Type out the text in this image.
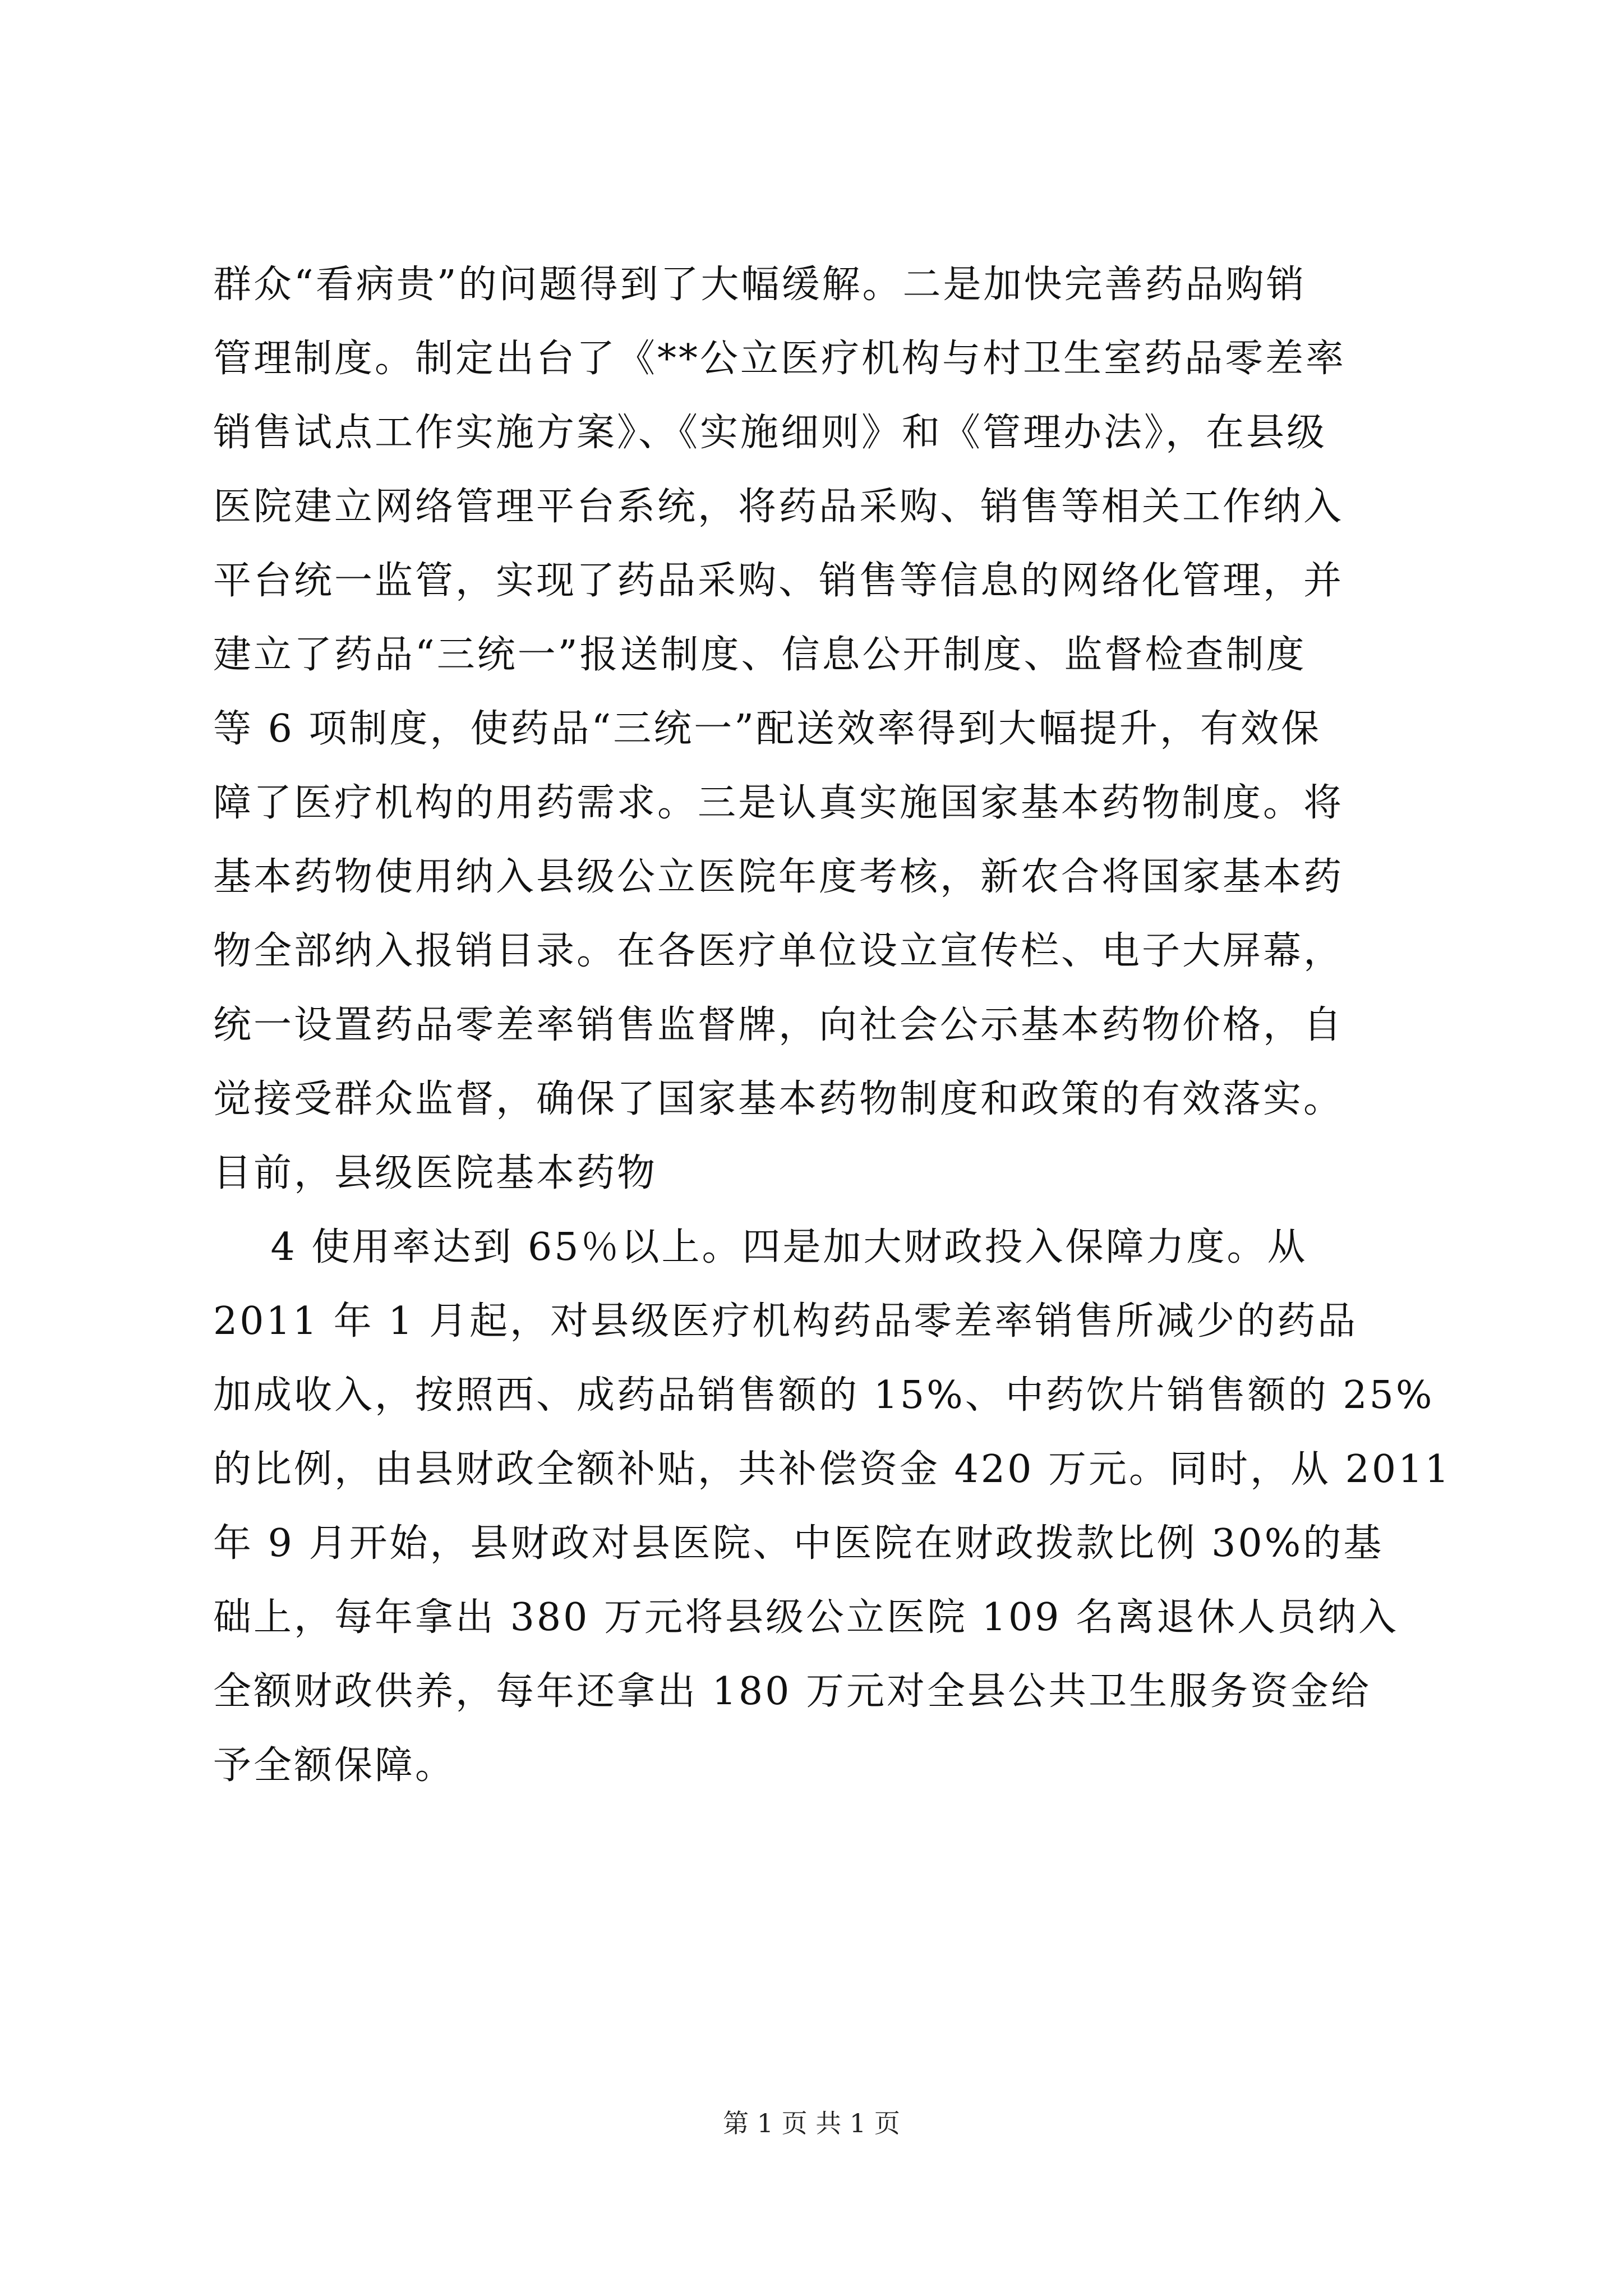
群众“看病贵”的问题得到了大幅缓解。二是加快完善药品购销
管理制度。制定出台了《**公立医疗机构与村卫生室药品零差率
销售试点工作实施方案》、《实施细则》和《管理办法》，在县级
医院建立网络管理平台系统，将药品采购、销售等相关工作纳入
平台统一监管，实现了药品采购、销售等信息的网络化管理，并
建立了药品“三统一”报送制度、信息公开制度、监督检查制度
等 6 项制度，使药品“三统一”配送效率得到大幅提升，有效保
障了医疗机构的用药需求。三是认真实施国家基本药物制度。将
基本药物使用纳入县级公立医院年度考核，新农合将国家基本药
物全部纳入报销目录。在各医疗单位设立宣传栏、电子大屏幕，
统一设置药品零差率销售监督牌，向社会公示基本药物价格，自
觉接受群众监督，确保了国家基本药物制度和政策的有效落实。
目前，县级医院基本药物
4 使用率达到 65％以上。四是加大财政投入保障力度。从
2011 年 1 月起，对县级医疗机构药品零差率销售所减少的药品
加成收入，按照西、成药品销售额的 15%、中药饮片销售额的 25%
的比例，由县财政全额补贴，共补偿资金 420 万元。同时，从 2011
年 9 月开始，县财政对县医院、中医院在财政拨款比例 30%的基
础上，每年拿出 380 万元将县级公立医院 109 名离退休人员纳入
全额财政供养，每年还拿出 180 万元对全县公共卫生服务资金给
予全额保障。
第 1 页 共 1 页
